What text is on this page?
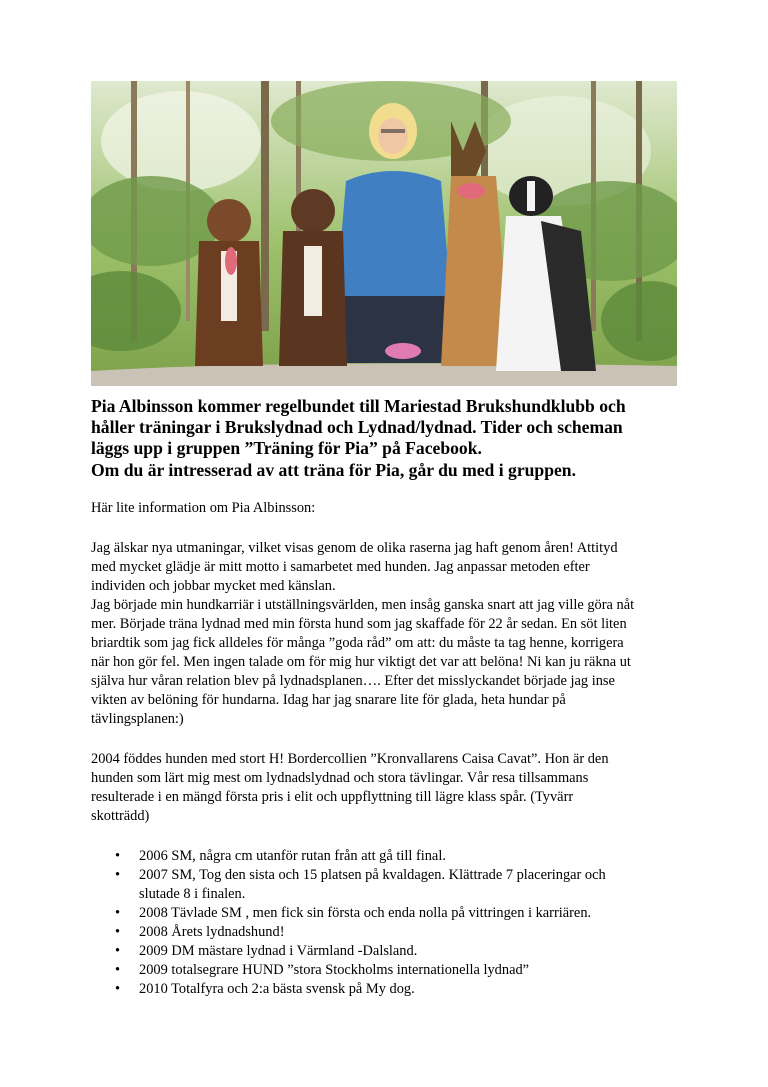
Pia Albinsson kommer regelbundet till Mariestad Brukshundklubb och
håller träningar i Brukslydnad och Lydnad/lydnad. Tider och scheman
läggs upp i gruppen ”Träning för Pia” på Facebook.
Om du är intresserad av att träna för Pia, går du med i gruppen.
Här lite information om Pia Albinsson:
Jag älskar nya utmaningar, vilket visas genom de olika raserna jag haft genom åren! Attityd
med mycket glädje är mitt motto i samarbetet med hunden. Jag anpassar metoden efter
individen och jobbar mycket med känslan.
Jag började min hundkarriär i utställningsvärlden, men insåg ganska snart att jag ville göra nåt
mer. Började träna lydnad med min första hund som jag skaffade för 22 år sedan. En söt liten
briardtik som jag fick alldeles för många ”goda råd” om att: du måste ta tag henne, korrigera
när hon gör fel. Men ingen talade om för mig hur viktigt det var att belöna! Ni kan ju räkna ut
själva hur våran relation blev på lydnadsplanen…. Efter det misslyckandet började jag inse
vikten av belöning för hundarna. Idag har jag snarare lite för glada, heta hundar på
tävlingsplanen:)
2004 föddes hunden med stort H! Bordercollien ”Kronvallarens Caisa Cavat”. Hon är den
hunden som lärt mig mest om lydnadslydnad och stora tävlingar. Vår resa tillsammans
resulterade i en mängd första pris i elit och uppflyttning till lägre klass spår. (Tyvärr
skotträdd)
•	2006 SM, några cm utanför rutan från att gå till final.
•	2007 SM, Tog den sista och 15 platsen på kvaldagen. Klättrade 7 placeringar och
slutade 8 i finalen.
•	2008 Tävlade SM , men fick sin första och enda nolla på vittringen i karriären.
•	2008 Årets lydnadshund!
•	2009 DM mästare lydnad i Värmland -Dalsland.
•	2009 totalsegrare HUND ”stora Stockholms internationella lydnad”
•	2010 Totalfyra och 2:a bästa svensk på My dog.
